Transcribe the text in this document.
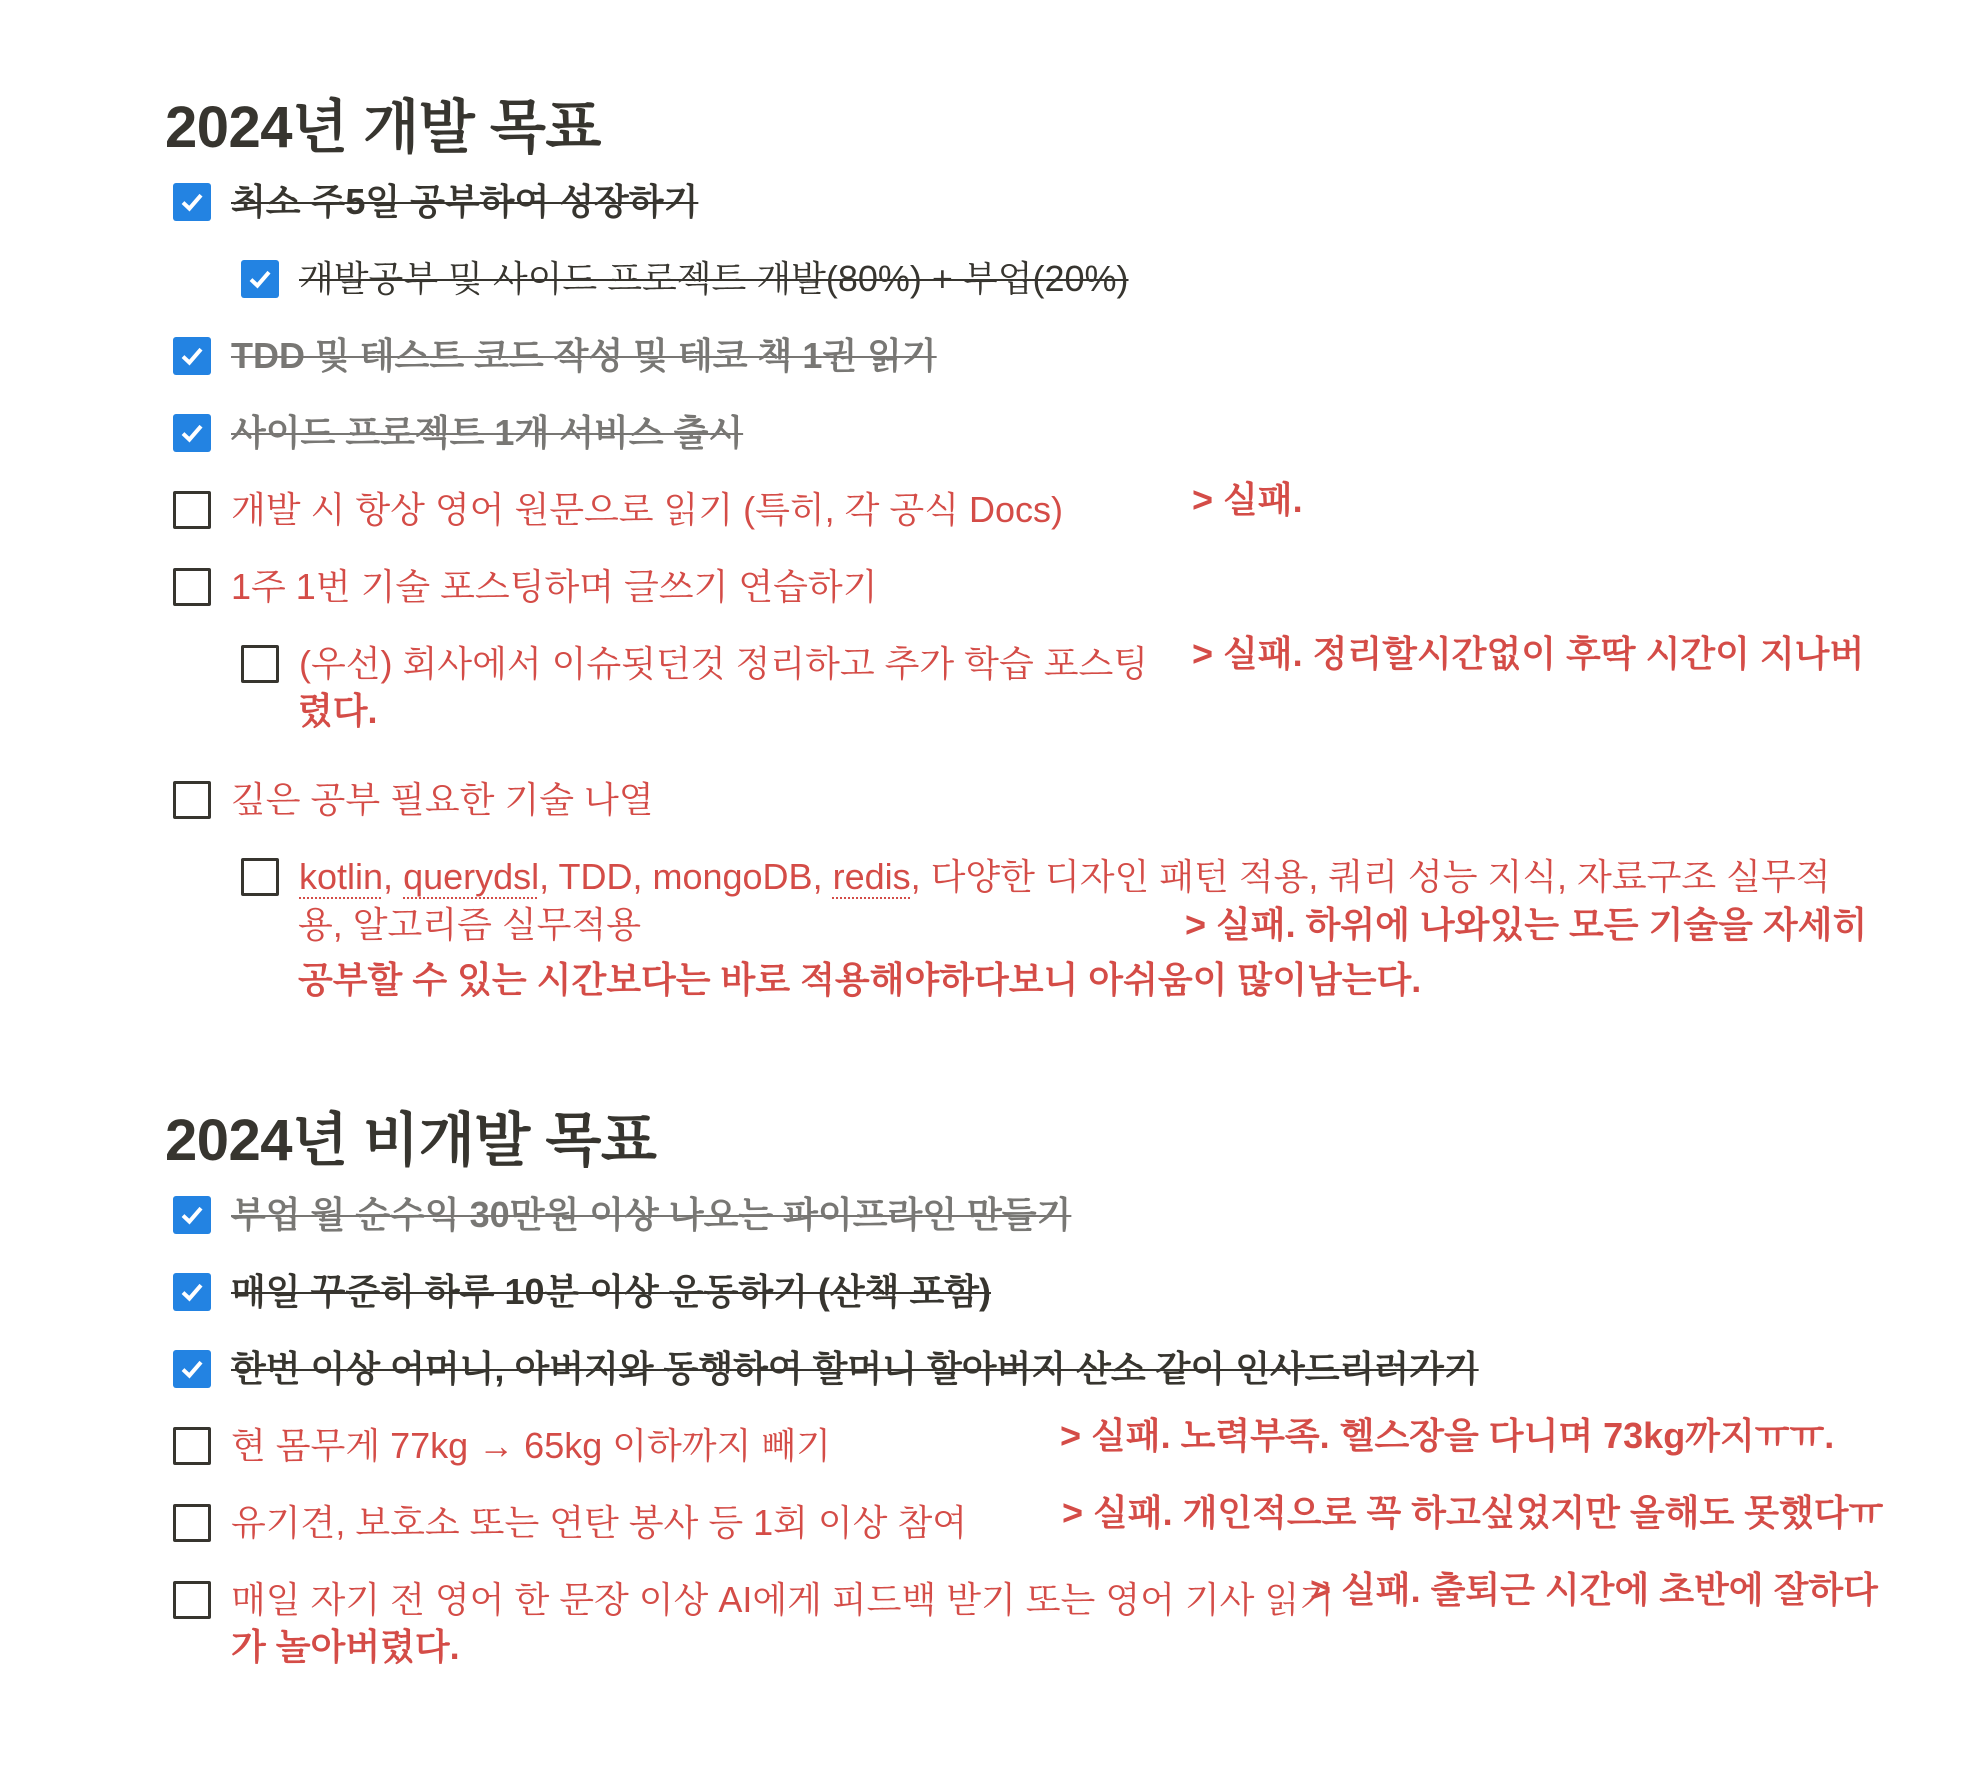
2024년 개발 목표
최소 주5일 공부하여 성장하기
개발공부 및 사이드 프로젝트 개발(80%) + 부업(20%)
TDD 및 테스트 코드 작성 및 테코 책 1권 읽기
사이드 프로젝트 1개 서비스 출시
개발 시 항상 영어 원문으로 읽기 (특히, 각 공식 Docs)	> 실패.
1주 1번 기술 포스팅하며 글쓰기 연습하기
(우선) 회사에서 이슈됫던것 정리하고 추가 학습 포스팅 > 실패. 정리할시간없이 후딱 시간이 지나버
렸다.
깊은 공부 필요한 기술 나열
kotlin, querydsl, TDD, mongoDB, redis, 다양한 디자인 패턴 적용, 쿼리 성능 지식, 자료구조 실무적
용, 알고리즘 실무적용	> 실패. 하위에 나와있는 모든 기술을 자세히
공부할 수 있는 시간보다는 바로 적용해야하다보니 아쉬움이 많이남는다.
2024년 비개발 목표
부업 월 순수익 30만원 이상 나오는 파이프라인 만들기
매일 꾸준히 하루 10분 이상 운동하기 (산책 포함)
한번 이상 어머니, 아버지와 동행하여 할머니 할아버지 산소 같이 인사드리러가기
현 몸무게 77kg → 65kg 이하까지 빼기	> 실패. 노력부족. 헬스장을 다니며 73kg까지ㅠㅠ.
유기견, 보호소 또는 연탄 봉사 등 1회 이상 참여	> 실패. 개인적으로 꼭 하고싶었지만 올해도 못했다ㅠ
매일 자기 전 영어 한 문장 이상 AI에게 피드백 받기 또는 영어 기사 읽기
> 실패. 출퇴근 시간에 초반에 잘하다
가 놀아버렸다.
